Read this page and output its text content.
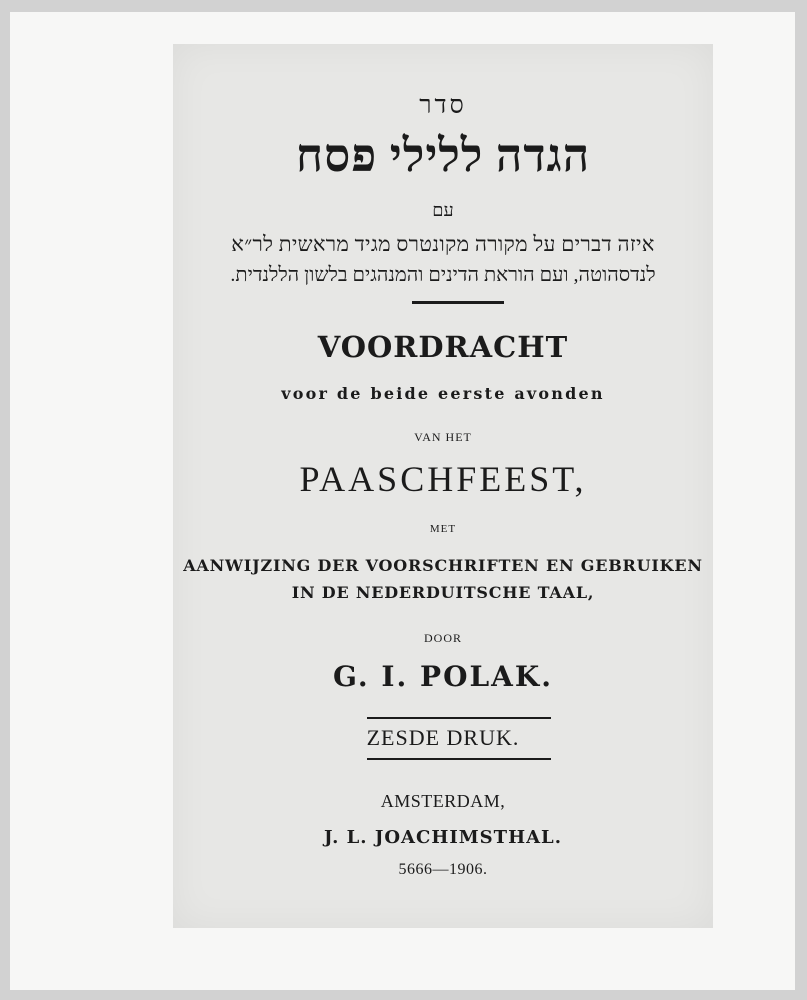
סדר
הגדה ללילי פסח
עם
איזה דברים על מקורה מקונטרס מגיד מראשית לר״א
לנדסהוטה, ועם הוראת הדינים והמנהגים בלשון הללנדית.
VOORDRACHT
voor de beide eerste avonden
VAN HET
PAASCHFEEST,
MET
AANWIJZING DER VOORSCHRIFTEN EN GEBRUIKEN
IN DE NEDERDUITSCHE TAAL,
DOOR
G. I. POLAK.
ZESDE DRUK.
AMSTERDAM,
J. L. JOACHIMSTHAL.
5666—1906.
